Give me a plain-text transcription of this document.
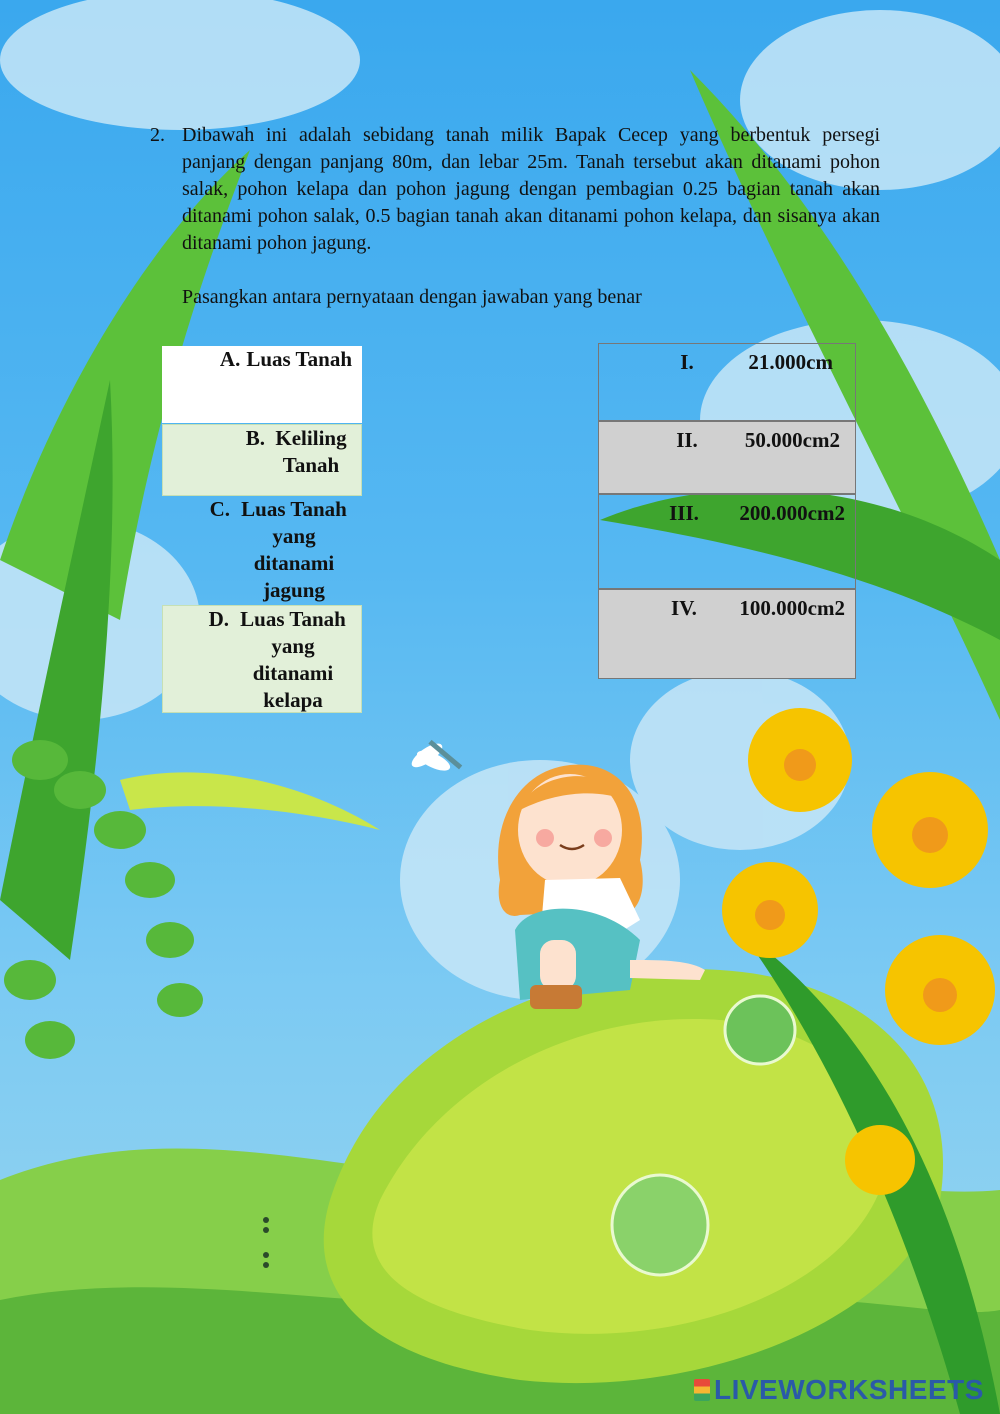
2. Dibawah ini adalah sebidang tanah milik Bapak Cecep yang berbentuk persegi panjang dengan panjang 80m, dan lebar 25m. Tanah tersebut akan ditanami pohon salak, pohon kelapa dan pohon jagung dengan pembagian 0.25 bagian tanah akan ditanami pohon salak, 0.5 bagian tanah akan ditanami pohon kelapa, dan sisanya akan ditanami pohon jagung.
Pasangkan antara pernyataan dengan jawaban yang benar
A. Luas Tanah
B. Keliling Tanah
C. Luas Tanah yang ditanami jagung
D. Luas Tanah yang ditanami kelapa
I.	21.000cm
II.	50.000cm2
III.	200.000cm2
IV.	100.000cm2
LIVEWORKSHEETS
